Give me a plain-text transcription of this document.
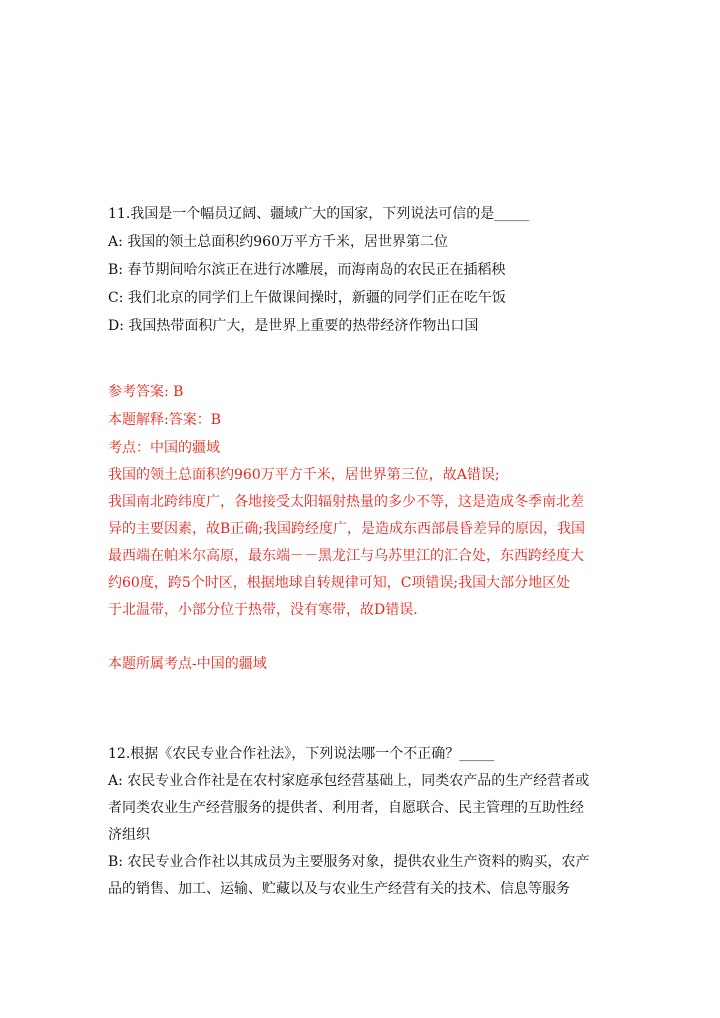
11.我国是一个幅员辽阔、疆域广大的国家，下列说法可信的是_____
A: 我国的领土总面积约960万平方千米，居世界第二位
B: 春节期间哈尔滨正在进行冰雕展，而海南岛的农民正在插稻秧
C: 我们北京的同学们上午做课间操时，新疆的同学们正在吃午饭
D: 我国热带面积广大，是世界上重要的热带经济作物出口国
参考答案: B
本题解释:答案：B
考点：中国的疆域
我国的领土总面积约960万平方千米，居世界第三位，故A错误;
我国南北跨纬度广，各地接受太阳辐射热量的多少不等，这是造成冬季南北差
异的主要因素，故B正确;我国跨经度广，是造成东西部晨昏差异的原因，我国
最西端在帕米尔高原，最东端－－黑龙江与乌苏里江的汇合处，东西跨经度大
约60度，跨5个时区，根据地球自转规律可知，C项错误;我国大部分地区处
于北温带，小部分位于热带，没有寒带，故D错误.
本题所属考点-中国的疆域
12.根据《农民专业合作社法》，下列说法哪一个不正确？_____
A: 农民专业合作社是在农村家庭承包经营基础上，同类农产品的生产经营者或
者同类农业生产经营服务的提供者、利用者，自愿联合、民主管理的互助性经
济组织
B: 农民专业合作社以其成员为主要服务对象，提供农业生产资料的购买，农产
品的销售、加工、运输、贮藏以及与农业生产经营有关的技术、信息等服务
